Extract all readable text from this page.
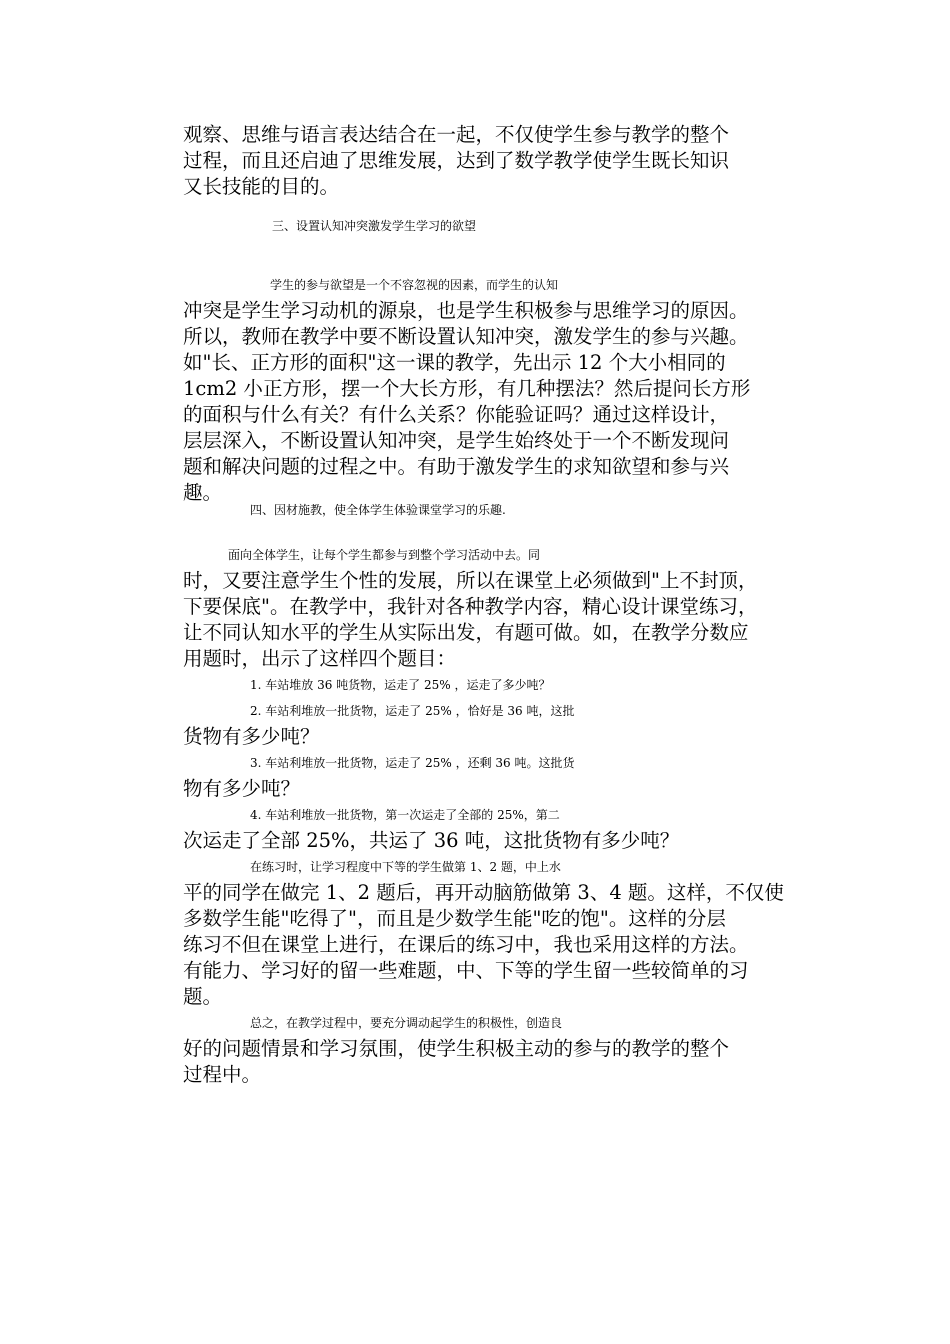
观察、思维与语言表达结合在一起，不仅使学生参与教学的整个
过程，而且还启迪了思维发展，达到了数学教学使学生既长知识
又长技能的目的。
三、设置认知冲突激发学生学习的欲望
学生的参与欲望是一个不容忽视的因素，而学生的认知
冲突是学生学习动机的源泉，也是学生积极参与思维学习的原因。
所以，教师在教学中要不断设置认知冲突，激发学生的参与兴趣。
如"长、正方形的面积"这一课的教学，先出示 12 个大小相同的
1cm2 小正方形，摆一个大长方形，有几种摆法？然后提问长方形
的面积与什么有关？有什么关系？你能验证吗？通过这样设计，
层层深入，不断设置认知冲突，是学生始终处于一个不断发现问
题和解决问题的过程之中。有助于激发学生的求知欲望和参与兴
趣。
四、因材施教，使全体学生体验课堂学习的乐趣.
面向全体学生，让每个学生都参与到整个学习活动中去。同
时，又要注意学生个性的发展，所以在课堂上必须做到"上不封顶，
下要保底"。在教学中，我针对各种教学内容，精心设计课堂练习，
让不同认知水平的学生从实际出发，有题可做。如，在教学分数应
用题时，出示了这样四个题目：
1. 车站堆放 36 吨货物，运走了 25% ，运走了多少吨？
2. 车站利堆放一批货物，运走了 25% ，恰好是 36 吨，这批
货物有多少吨？
3. 车站利堆放一批货物，运走了 25% ，还剩 36 吨。这批货
物有多少吨？
4. 车站利堆放一批货物，第一次运走了全部的 25%，第二
次运走了全部 25%，共运了 36 吨，这批货物有多少吨？
在练习时，让学习程度中下等的学生做第 1、2 题，中上水
平的同学在做完 1、2 题后，再开动脑筋做第 3、4 题。这样，不仅使
多数学生能"吃得了"，而且是少数学生能"吃的饱"。这样的分层
练习不但在课堂上进行，在课后的练习中，我也采用这样的方法。
有能力、学习好的留一些难题，中、下等的学生留一些较简单的习
题。
总之，在教学过程中，要充分调动起学生的积极性，创造良
好的问题情景和学习氛围，使学生积极主动的参与的教学的整个
过程中。
